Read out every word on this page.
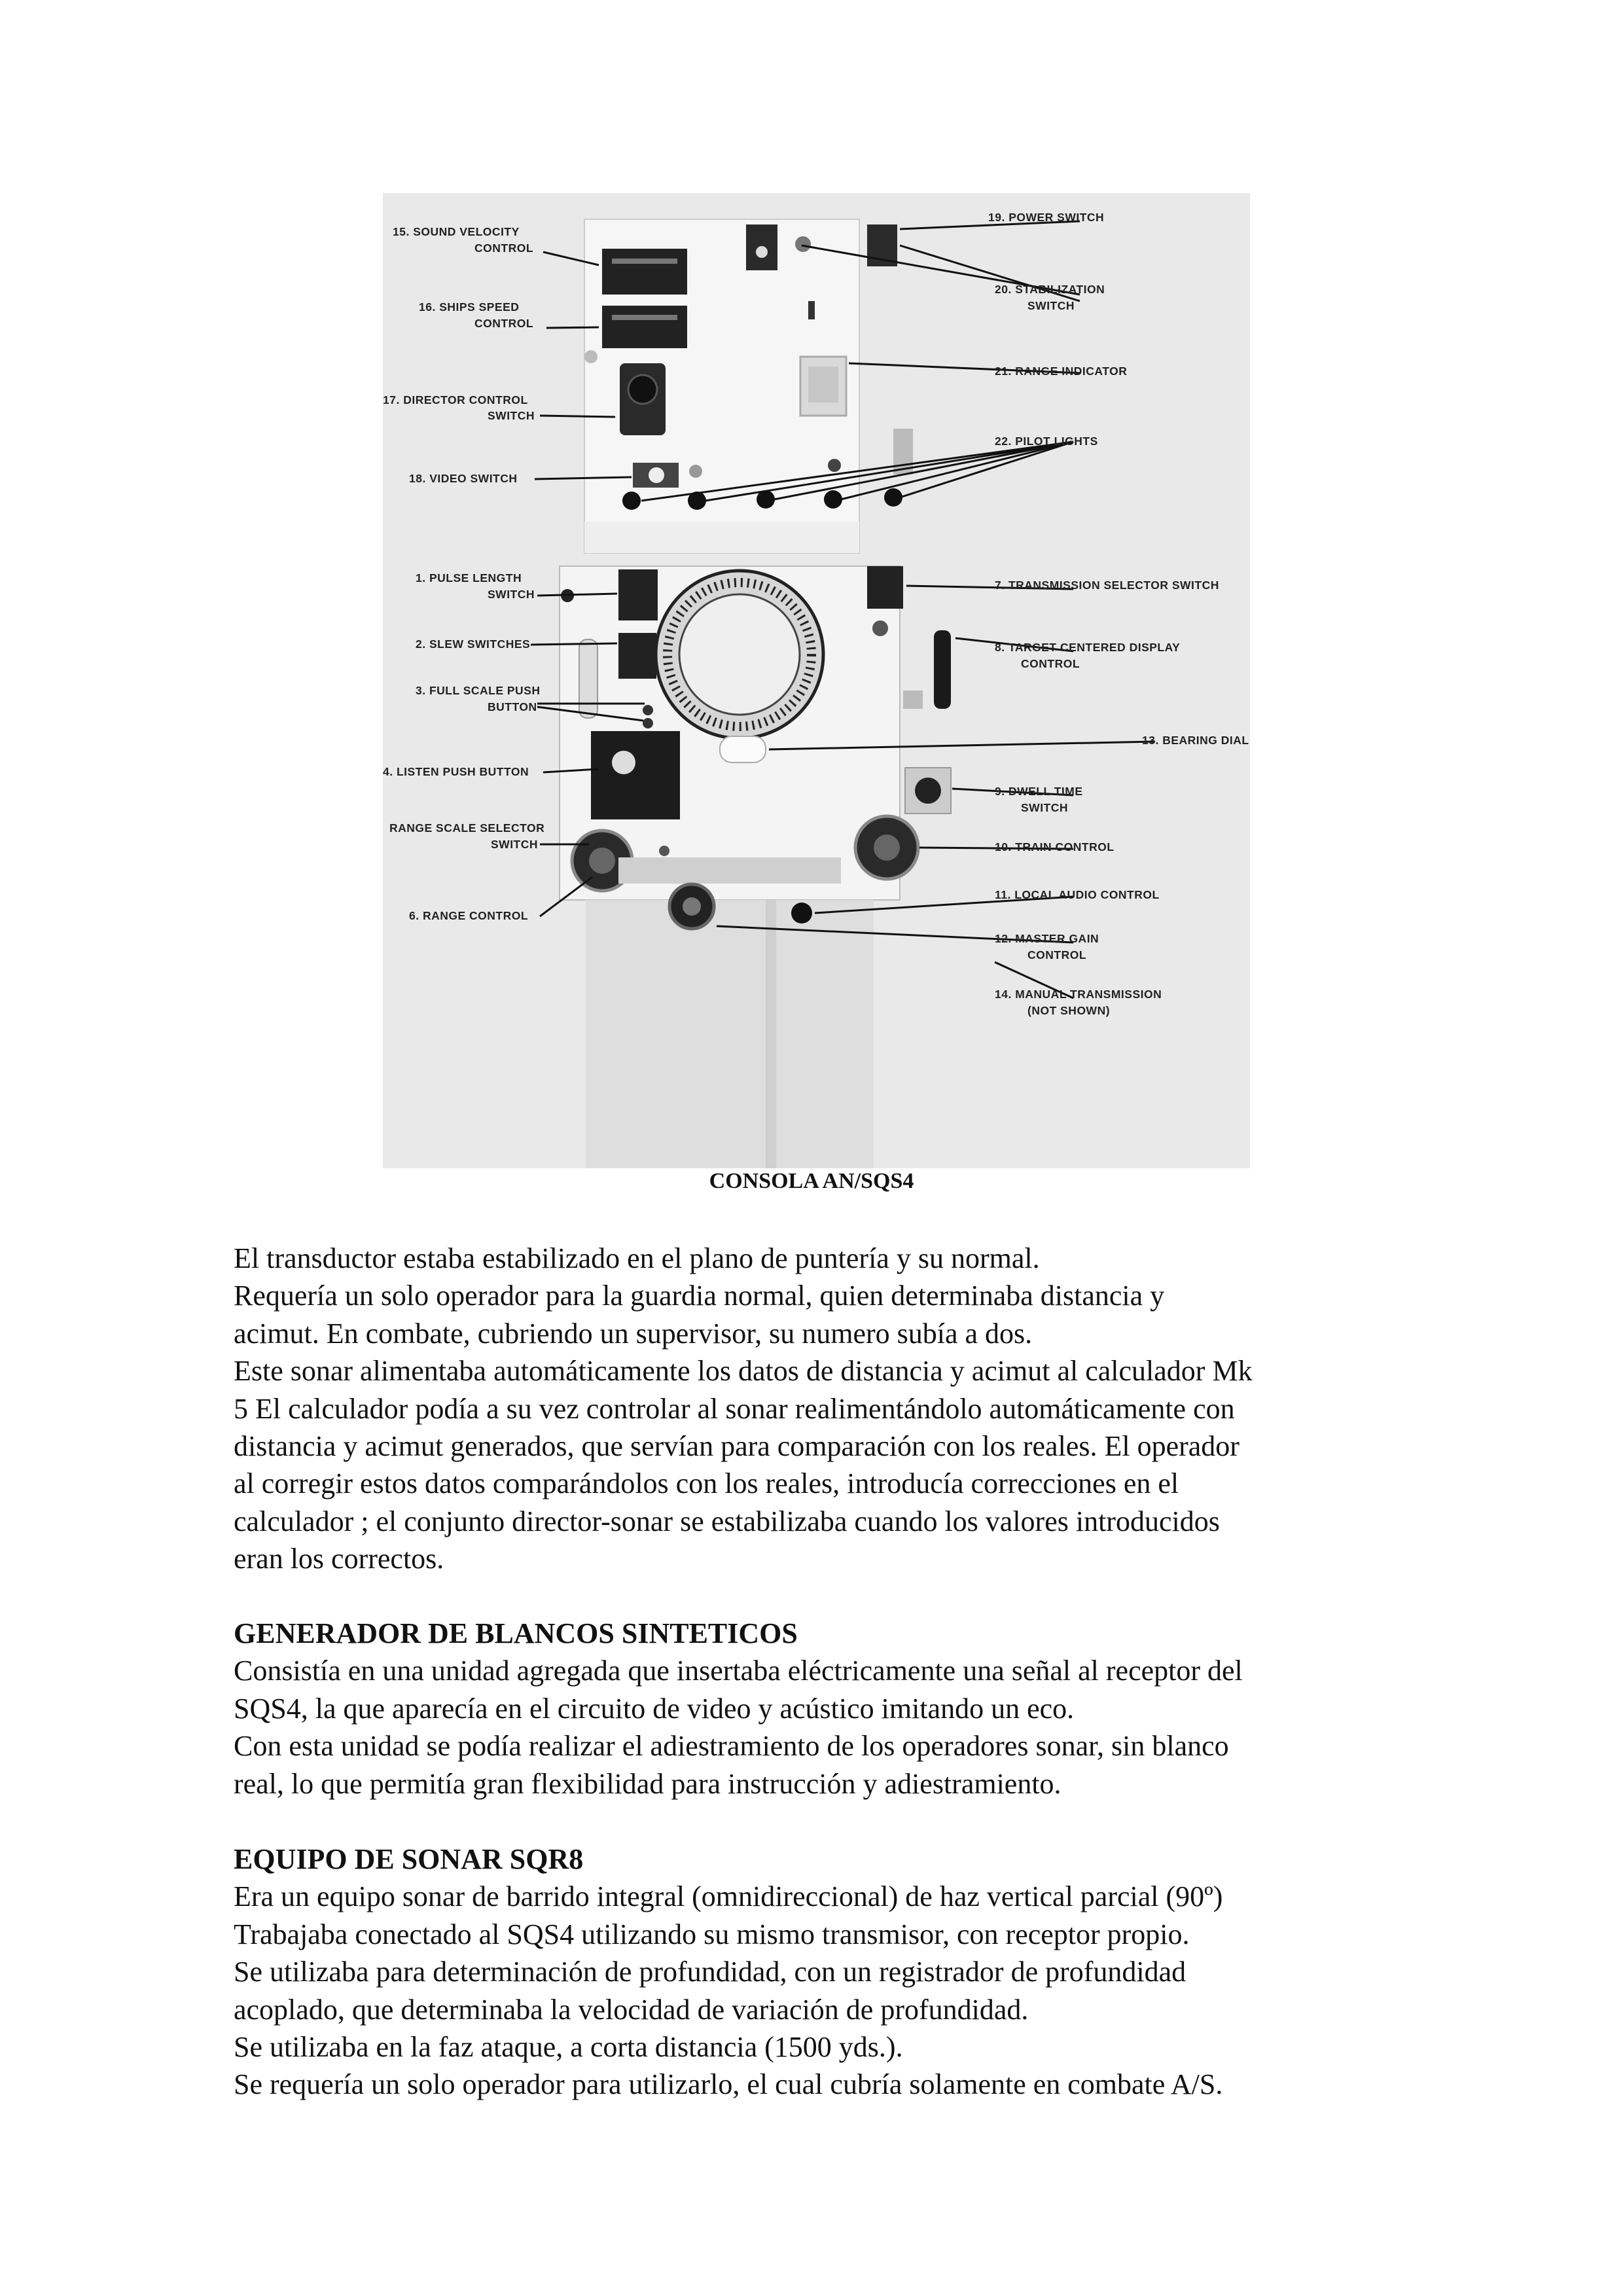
15. SOUND VELOCITY
CONTROL
16. SHIPS SPEED
CONTROL
17. DIRECTOR CONTROL
SWITCH
18. VIDEO SWITCH
1. PULSE LENGTH
SWITCH
2. SLEW SWITCHES
3. FULL SCALE PUSH
BUTTON
4. LISTEN PUSH BUTTON
RANGE SCALE SELECTOR
SWITCH
6. RANGE CONTROL
19. POWER SWITCH
20. STABILIZATION
SWITCH
21. RANGE INDICATOR
22. PILOT LIGHTS
7. TRANSMISSION SELECTOR SWITCH
8. TARGET CENTERED DISPLAY
CONTROL
13. BEARING DIAL
9. DWELL TIME
SWITCH
10. TRAIN CONTROL
11. LOCAL AUDIO CONTROL
12. MASTER GAIN
CONTROL
14. MANUAL TRANSMISSION
(NOT SHOWN)
CONSOLA AN/SQS4
El transductor estaba estabilizado en el plano de puntería y su normal.
Requería un solo operador para la guardia normal, quien determinaba distancia y
acimut. En combate, cubriendo un supervisor, su numero subía a dos.
Este sonar alimentaba automáticamente los datos de distancia y acimut al calculador Mk
5 El calculador podía a su vez controlar al sonar realimentándolo automáticamente con
distancia y acimut generados, que servían para comparación con los reales. El operador
al corregir estos datos comparándolos con los reales, introducía correcciones en el
calculador ; el conjunto director-sonar se estabilizaba cuando los valores introducidos
eran los correctos.
GENERADOR DE BLANCOS SINTETICOS
Consistía en una unidad agregada que insertaba eléctricamente una señal al receptor del
SQS4, la que aparecía en el circuito de video y acústico imitando un eco.
Con esta unidad se podía realizar el adiestramiento de los operadores sonar, sin blanco
real, lo que permitía gran flexibilidad para instrucción y adiestramiento.
EQUIPO DE SONAR SQR8
Era un equipo sonar de barrido integral (omnidireccional) de haz vertical parcial (90º)
Trabajaba conectado al SQS4 utilizando su mismo transmisor, con receptor propio.
Se utilizaba para determinación de profundidad, con un registrador de profundidad
acoplado, que determinaba la velocidad de variación de profundidad.
Se utilizaba en la faz ataque, a corta distancia (1500 yds.).
Se requería un solo operador para utilizarlo, el cual cubría solamente en combate A/S.
